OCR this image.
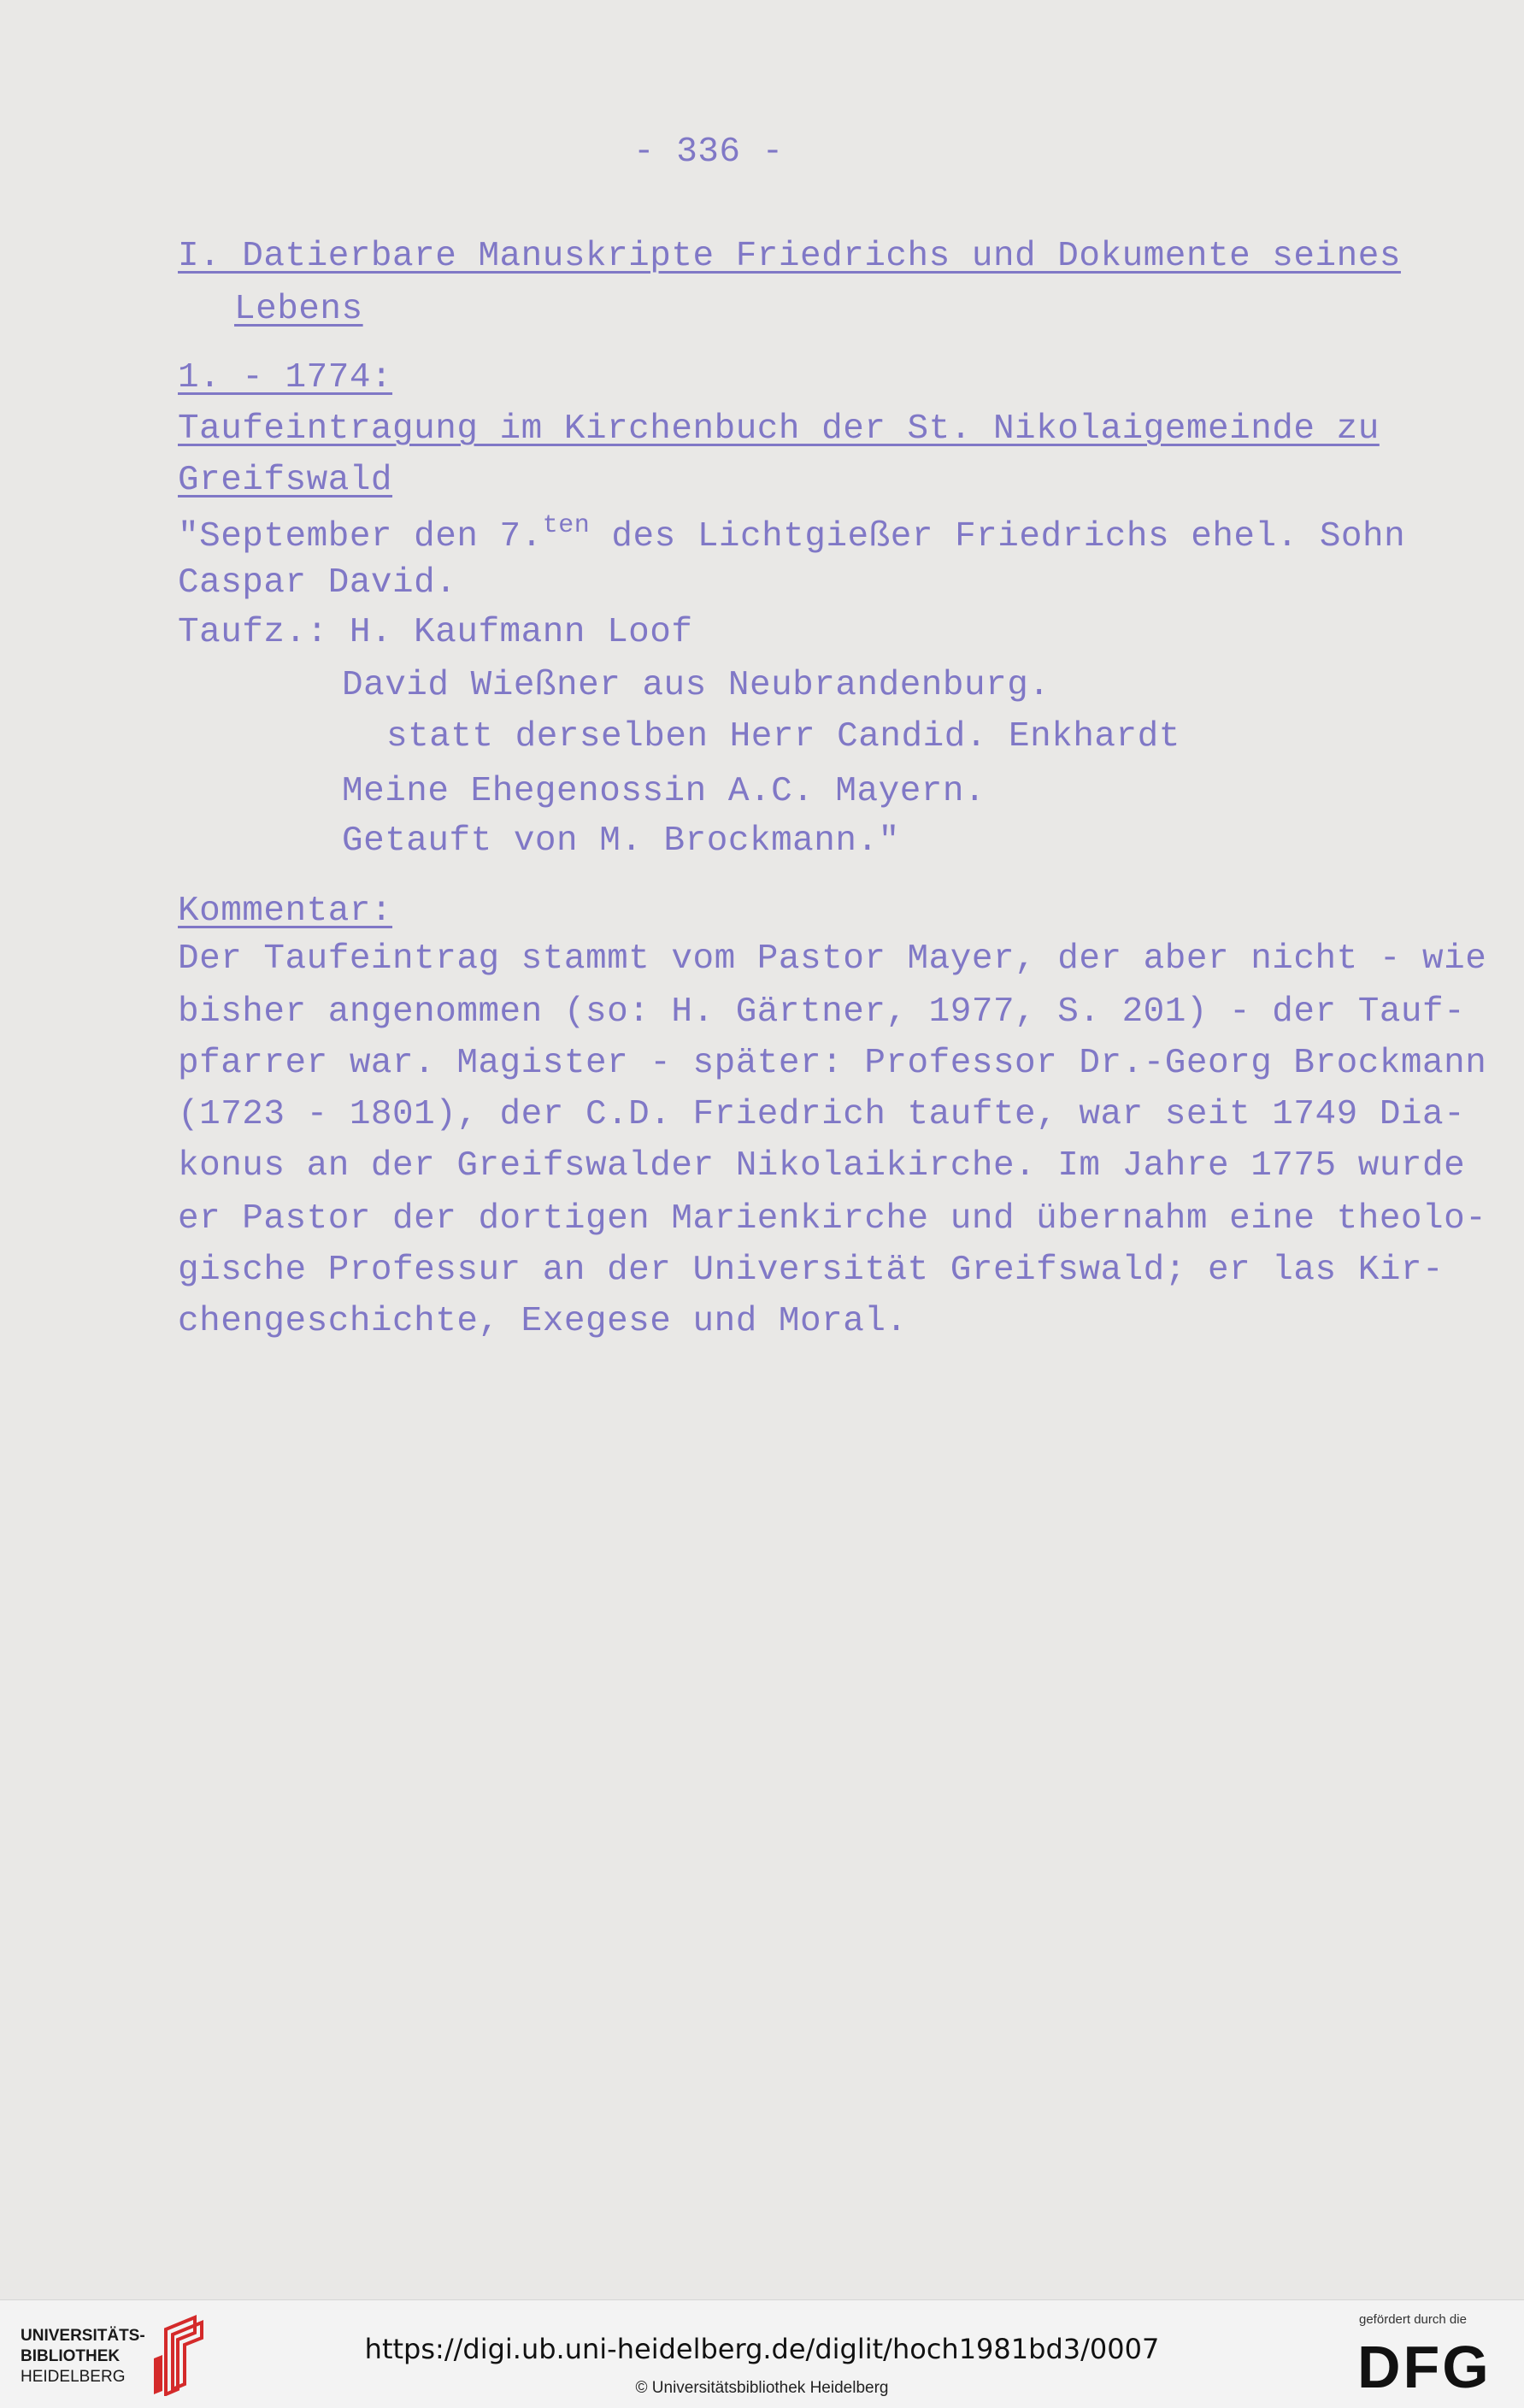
- 336 -
I. Datierbare Manuskripte Friedrichs und Dokumente seines
Lebens
1. - 1774:
Taufeintragung im Kirchenbuch der St. Nikolaigemeinde zu
Greifswald
"September den 7.$^{ten}$ des Lichtgießer Friedrichs ehel. Sohn
Caspar David.
Taufz.: H. Kaufmann Loof
David Wießner aus Neubrandenburg.
statt derselben Herr Candid. Enkhardt
Meine Ehegenossin A.C. Mayern.
Getauft von M. Brockmann."
Kommentar:
Der Taufeintrag stammt vom Pastor Mayer, der aber nicht - wie
bisher angenommen (so: H. Gärtner, 1977, S. 201) - der Tauf-
pfarrer war. Magister - später: Professor Dr.-Georg Brockmann
(1723 - 1801), der C.D. Friedrich taufte, war seit 1749 Dia-
konus an der Greifswalder Nikolaikirche. Im Jahre 1775 wurde
er Pastor der dortigen Marienkirche und übernahm eine theolo-
gische Professur an der Universität Greifswald; er las Kir-
chengeschichte, Exegese und Moral.
UNIVERSITÄTS-
BIBLIOTHEK
HEIDELBERG
https://digi.ub.uni-heidelberg.de/diglit/hoch1981bd3/0007
© Universitätsbibliothek Heidelberg
gefördert durch die
DFG
